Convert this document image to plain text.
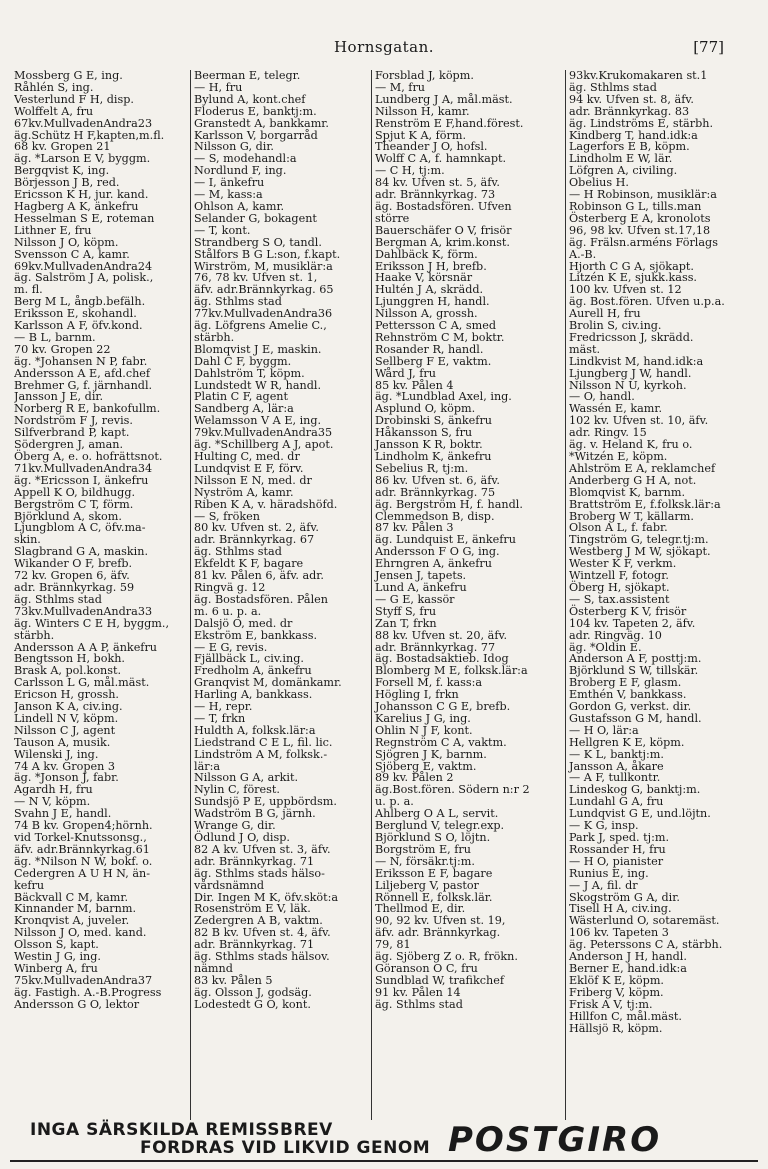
Hornsgatan.	[77]
Mossberg G E, ing.
Råhlén S, ing.
Vesterlund F H, disp.
Wolffelt A, fru
67kv.MullvadenAndra23
äg.Schütz H F,kapten,m.fl.
68 kv. Gropen 21
äg. *Larson E V, byggm.
Bergqvist K, ing.
Börjesson J B, red.
Ericsson K H, jur. kand.
Hagberg A K, änkefru
Hesselman S E, roteman
Lithner E, fru
Nilsson J O, köpm.
Svensson C A, kamr.
69kv.MullvadenAndra24
äg. Salström J A, polisk.,
m. fl.
Berg M L, ångb.befälh.
Eriksson E, skohandl.
Karlsson A F, öfv.kond.
— B L, barnm.
70 kv. Gropen 22
äg. *Johansen N P, fabr.
Andersson A E, afd.chef
Brehmer G, f. järnhandl.
Jansson J E, dir.
Norberg R E, bankofullm.
Nordström F J, revis.
Silfverbrand P, kapt.
Södergren J, aman.
Öberg A, e. o. hofrättsnot.
71kv.MullvadenAndra34
äg. *Ericsson I, änkefru
Appell K O, bildhugg.
Bergström C T, förm.
Björklund A, skom.
Ljungblom A C, öfv.ma-
skin.
Slagbrand G A, maskin.
Wikander O F, brefb.
72 kv. Gropen 6, äfv.
adr. Brännkyrkag. 59
äg. Sthlms stad
73kv.MullvadenAndra33
äg. Winters C E H, byggm.,
stärbh.
Andersson A A P, änkefru
Bengtsson H, bokh.
Brask A, pol.konst.
Carlsson L G, mål.mäst.
Ericson H, grossh.
Janson K A, civ.ing.
Lindell N V, köpm.
Nilsson C J, agent
Tauson A, musik.
Wilenski J, ing.
74 A kv. Gropen 3
äg. *Jonson J, fabr.
Agardh H, fru
— N V, köpm.
Svahn J E, handl.
74 B kv. Gropen4;hörnh.
vid Torkel-Knutssonsg.,
äfv. adr.Brännkyrkag.61
äg. *Nilson N W, bokf. o.
Cedergren A U H N, än-
kefru
Bäckvall C M, kamr.
Kinnander M, barnm.
Kronqvist A, juveler.
Nilsson J O, med. kand.
Olsson S, kapt.
Westin J G, ing.
Winberg A, fru
75kv.MullvadenAndra37
äg. Fastigh. A.-B.Progress
Andersson G O, lektor
Beerman E, telegr.
— H, fru
Bylund A, kont.chef
Floderus E, banktj:m.
Granstedt A, bankkamr.
Karlsson V, borgarråd
Nilsson G, dir.
— S, modehandl:a
Nordlund F, ing.
— I, änkefru
— M, kass:a
Ohlson A, kamr.
Selander G, bokagent
— T, kont.
Strandberg S O, tandl.
Stålfors B G L:son, f.kapt.
Wirström, M, musiklär:a
76, 78 kv. Ufven st. 1,
äfv. adr.Brännkyrkag. 65
äg. Sthlms stad
77kv.MullvadenAndra36
äg. Löfgrens Amelie C.,
stärbh.
Blomqvist J E, maskin.
Dahl C F, byggm.
Dahlström T, köpm.
Lundstedt W R, handl.
Platin C F, agent
Sandberg A, lär:a
Welamsson V A E, ing.
79kv.MullvadenAndra35
äg. *Schillberg A J, apot.
Hulting C, med. dr
Lundqvist E F, förv.
Nilsson E N, med. dr
Nyström A, kamr.
Riben K A, v. häradshöfd.
— S, fröken
80 kv. Ufven st. 2, äfv.
adr. Brännkyrkag. 67
äg. Sthlms stad
Ekfeldt K F, bagare
81 kv. Pålen 6, äfv. adr.
Ringvä g. 12
äg. Bostadsfören. Pålen
m. 6 u. p. a.
Dalsjö O, med. dr
Ekström E, bankkass.
— E G, revis.
Fjällbäck L, civ.ing.
Fredholm A, änkefru
Granqvist M, domänkamr.
Harling A, bankkass.
— H, repr.
— T, frkn
Huldth A, folksk.lär:a
Liedstrand C E L, fil. lic.
Lindström A M, folksk.-
lär:a
Nilsson G A, arkit.
Nylin C, förest.
Sundsjö P E, uppbördsm.
Wadström B G, järnh.
Wrange G, dir.
Ödlund J O, disp.
82 A kv. Ufven st. 3, äfv.
adr. Brännkyrkag. 71
äg. Sthlms stads hälso-
vårdsnämnd
Dir. Ingen M K, öfv.sköt:a
Rosenström E V, läk.
Zedergren A B, vaktm.
82 B kv. Ufven st. 4, äfv.
adr. Brännkyrkag. 71
äg. Sthlms stads hälsov.
nämnd
83 kv. Pålen 5
äg. Olsson J, godsäg.
Lodestedt G O, kont.
Forsblad J, köpm.
— M, fru
Lundberg J A, mål.mäst.
Nilsson H, kamr.
Renström E F,hand.förest.
Spjut K A, förm.
Theander J O, hofsl.
Wolff C A, f. hamnkapt.
— C H, tj:m.
84 kv. Ufven st. 5, äfv.
adr. Brännkyrkag. 73
äg. Bostadsfören. Ufven
större
Bauerschäfer O V, frisör
Bergman A, krim.konst.
Dahlbäck K, förm.
Eriksson J H, brefb.
Haake V, körsnär
Hultén J A, skrädd.
Ljunggren H, handl.
Nilsson A, grossh.
Pettersson C A, smed
Rehnström C M, boktr.
Rosander R, handl.
Sellberg F E, vaktm.
Wård J, fru
85 kv. Pålen 4
äg. *Lundblad Axel, ing.
Asplund O, köpm.
Drobinski S, änkefru
Håkansson S, fru
Jansson K R, boktr.
Lindholm K, änkefru
Sebelius R, tj:m.
86 kv. Ufven st. 6, äfv.
adr. Brännkyrkag. 75
äg. Bergström H, f. handl.
Clemmedson B, disp.
87 kv. Pålen 3
äg. Lundquist E, änkefru
Andersson F O G, ing.
Ehrngren A, änkefru
Jensen J, tapets.
Lund A, änkefru
— G E, kassör
Styff S, fru
Zan T, frkn
88 kv. Ufven st. 20, äfv.
adr. Brännkyrkag. 77
äg. Bostadsaktieb. Idog
Blomberg M E, folksk.lär:a
Forsell M, f. kass:a
Högling I, frkn
Johansson C G E, brefb.
Karelius J G, ing.
Ohlin N J F, kont.
Regnström C A, vaktm.
Sjögren J K, barnm.
Sjöberg E, vaktm.
89 kv. Pålen 2
äg.Bost.fören. Södern n:r 2
u. p. a.
Ahlberg O A L, servit.
Berglund V, telegr.exp.
Björklund S O, löjtn.
Borgström E, fru
— N, försäkr.tj:m.
Eriksson E F, bagare
Liljeberg V, pastor
Rönnell E, folksk.lär.
Thellmod E, dir.
90, 92 kv. Ufven st. 19,
äfv. adr. Brännkyrkag.
79, 81
äg. Sjöberg Z o. R, frökn.
Göranson O C, fru
Sundblad W, trafikchef
91 kv. Pålen 14
äg. Sthlms stad
93kv.Krukomakaren st.1
äg. Sthlms stad
94 kv. Ufven st. 8, äfv.
adr. Brännkyrkag. 83
äg. Lindströms E, stärbh.
Kindberg T, hand.idk:a
Lagerfors E B, köpm.
Lindholm E W, lär.
Löfgren A, civiling.
Obelius H.
— H Robinson, musiklär:a
Robinson G L, tills.man
Österberg E A, kronolots
96, 98 kv. Ufven st.17,18
äg. Frälsn.arméns Förlags
A.-B.
Hjorth C G A, sjökapt.
Litzén K E, sjukk.kass.
100 kv. Ufven st. 12
äg. Bost.fören. Ufven u.p.a.
Aurell H, fru
Brolin S, civ.ing.
Fredricsson J, skrädd.
mäst.
Lindkvist M, hand.idk:a
Ljungberg J W, handl.
Nilsson N U, kyrkoh.
— O, handl.
Wassén E, kamr.
102 kv. Ufven st. 10, äfv.
adr. Ringv. 15
äg. v. Heland K, fru o.
*Witzén E, köpm.
Ahlström E A, reklamchef
Anderberg G H A, not.
Blomqvist K, barnm.
Brattström E, f.folksk.lär:a
Broberg W T, källarm.
Olson A L, f. fabr.
Tingström G, telegr.tj:m.
Westberg J M W, sjökapt.
Wester K F, verkm.
Wintzell F, fotogr.
Öberg H, sjökapt.
— S, tax.assistent
Österberg K V, frisör
104 kv. Tapeten 2, äfv.
adr. Ringväg. 10
äg. *Oldin E.
Anderson A F, posttj:m.
Björklund S W, tillskär.
Broberg E F, glasm.
Emthén V, bankkass.
Gordon G, verkst. dir.
Gustafsson G M, handl.
— H O, lär:a
Hellgren K E, köpm.
— K L, banktj:m.
Jansson A, åkare
— A F, tullkontr.
Lindeskog G, banktj:m.
Lundahl G A, fru
Lundqvist G E, und.löjtn.
— K G, insp.
Park J, sped. tj:m.
Rossander H, fru
— H O, pianister
Runius E, ing.
— J A, fil. dr
Skogström G A, dir.
Tisell H A, civ.ing.
Wästerlund O, sotaremäst.
106 kv. Tapeten 3
äg. Peterssons C A, stärbh.
Anderson J H, handl.
Berner E, hand.idk:a
Eklöf K E, köpm.
Friberg V, köpm.
Frisk A V, tj:m.
Hillfon C, mål.mäst.
Hällsjö R, köpm.
INGA SÄRSKILDA REMISSBREV
FORDRAS VID LIKVID GENOM POSTGIRO
